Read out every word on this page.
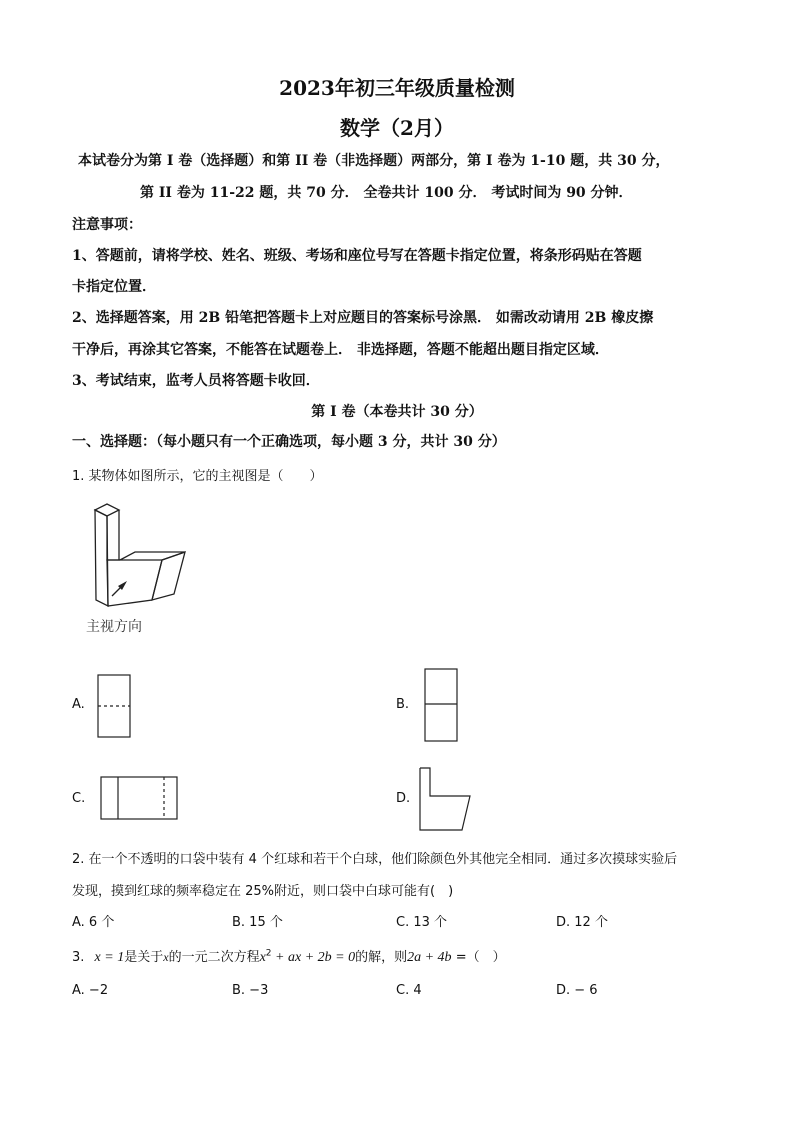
2023年初三年级质量检测
数学（2月）
本试卷分为第 I 卷（选择题）和第 II 卷（非选择题）两部分，第 I 卷为 1-10 题，共 30 分，
第 II 卷为 11-22 题，共 70 分． 全卷共计 100 分． 考试时间为 90 分钟．
注意事项：
1、答题前，请将学校、姓名、班级、考场和座位号写在答题卡指定位置，将条形码贴在答题
卡指定位置．
2、选择题答案，用 2B 铅笔把答题卡上对应题目的答案标号涂黑． 如需改动请用 2B 橡皮擦
干净后，再涂其它答案，不能答在试题卷上． 非选择题，答题不能超出题目指定区域．
3、考试结束，监考人员将答题卡收回．
第 I 卷（本卷共计 30 分）
一、选择题：（每小题只有一个正确选项，每小题 3 分，共计 30 分）
1. 某物体如图所示，它的主视图是（　　）
主视方向
A.	B.
C.	D.
2. 在一个不透明的口袋中装有 4 个红球和若干个白球，他们除颜色外其他完全相同．通过多次摸球实验后
发现，摸到红球的频率稳定在 25%附近，则口袋中白球可能有(　)
A. 6 个	B. 15 个	C. 13 个	D. 12 个
3. x = 1是关于x的一元二次方程$x^2$ + ax + 2b = 0的解，则2a + 4b =（　）
A. −2	B. −3	C. 4	D. − 6
